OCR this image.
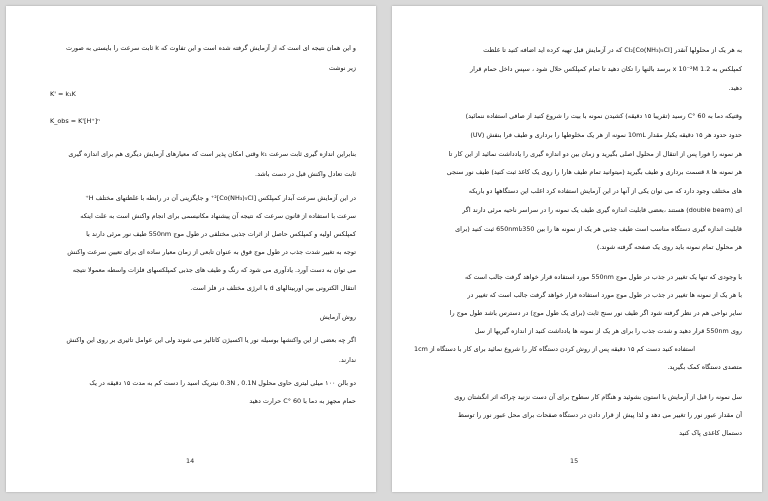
و این همان نتیجه ای است که از آزمایش گرفته شده است و این تفاوت که k ثابت سرعت را بایستی به صورت
زیر نوشت
K' = k₁K
K_obs = K'[H⁺]ⁿ
بنابراین اندازه گیری ثابت سرعت k₁ وقتی امکان پذیر است که معیارهای آزمایش دیگری هم برای اندازه گیری
ثابت تعادل واکنش قبل در دست باشد.
در این آزمایش سرعت آبدار کمپلکس [Co(NH₃)₅Cl]²⁺ و جایگزینی آن در رابطه با غلظتهای مختلف H⁺
سرعت با استفاده از قانون سرعت که نتیجه آن پیشنهاد مکانیسمی برای انجام واکنش است به علت اینکه
کمپلکس اولیه و کمپلکس حاصل از اثرات جذبی مختلفی در طول موج 550nm طیف نور مرئی دارند با
توجه به تغییر شدت جذب در طول موج فوق به عنوان تابعی از زمان معیار ساده ای برای تعیین سرعت واکنش
می توان به دست آورد. یادآوری می شود که رنگ و طیف های جذبی کمپلکسهای فلزات واسطه معمولا نتیجه
انتقال الکترونی بین اوربیتالهای d با انرژی مختلف در فلز است.
روش آزمایش
اگر چه بعضی از این واکنشها بوسیله نور یا اکسیژن کاتالیز می شوند ولی این عوامل تاثیری بر روی این واکنش
ندارند.
دو بالن ۱۰۰ میلی لیتری حاوی محلول 0.3N , 0.1N نیتریک اسید را دست کم به مدت ۱۵ دقیقه در یک
حمام مجهز به دما با 60 °C حرارت دهید
14
به هر یک از محلولها آنقدر [Co(NH₃)₅Cl]Cl₂ که در آزمایش قبل تهیه کرده اید اضافه کنید تا غلظت
کمپلکس به 1.2 x 10⁻²M برسد بالنها را تکان دهید تا تمام کمپلکس حلال شود ، سپس داخل حمام قرار
دهید.
وقتیکه دما به 60 °C رسید (تقریبا ۱۵ دقیقه) کشیدن نمونه با بیت را شروع کنید از صافی استفاده ننمائید)
حدود حدود هر ۱۵ دقیقه یکبار مقدار 10mL نمونه از هر یک مخلوطها را برداری و طیف فرا بنفش (UV)
هر نمونه را فورا پس از انتقال از محلول اصلی بگیرید و زمان بین دو اندازه گیری را یادداشت نمائید از این کار تا
هر نمونه ها ۸ قسمت برداری و طیف بگیرید (میتوانید تمام طیف هارا را روی یک کاغذ ثبت کنید) طیف نور سنجی
های مختلف وجود دارد که می توان یکی از آنها در این آزمایش استفاده کرد اغلب این دستگاهها دو باریکه
ای (double beam) هستند ،بعضی قابلیت اندازه گیری طیف یک نمونه را در سراسر ناحیه مرئی دارند اگر
قابلیت اندازه گیری دستگاه مناسب است طیف جذبی هر یک از نمونه ها را بین 350تا650nm ثبت کنید (برای
هر محلول تمام نمونه باید روی یک صفحه گرفته شوند.)
با وجودی که تنها یک تغییر در جذب در طول موج 550nm مورد استفاده قرار خواهد گرفت جالب است که
با هر یک از نمونه ها تغییر در جذب در طول موج مورد استفاده قرار خواهد گرفت جالب است که تغییر در
سایر نواحی هم در نظر گرفته شود اگر طیف نور سنج ثابت (برای یک طول موج) در دسترس باشد طول موج را
روی 550nm قرار دهید و شدت جذب را برای هر یک از نمونه ها یادداشت کنید از اندازه گیریها از سل
1cm استفاده کنید دست کم ۱۵ دقیقه پس از روش کردن دستگاه کار را شروع نمائید برای کار با دستگاه از
متصدی دستگاه کمک بگیرید.
سل نمونه را قبل از آزمایش با استون بشوئید و هنگام کار سطوح برای آن دست نزنید چراکه اثر انگشتان روی
آن مقدار عبور نور را تغییر می دهد و لذا پیش از قرار دادن در دستگاه صفحات برای محل عبور نور را توسط
دستمال کاغذی پاک کنید
15
